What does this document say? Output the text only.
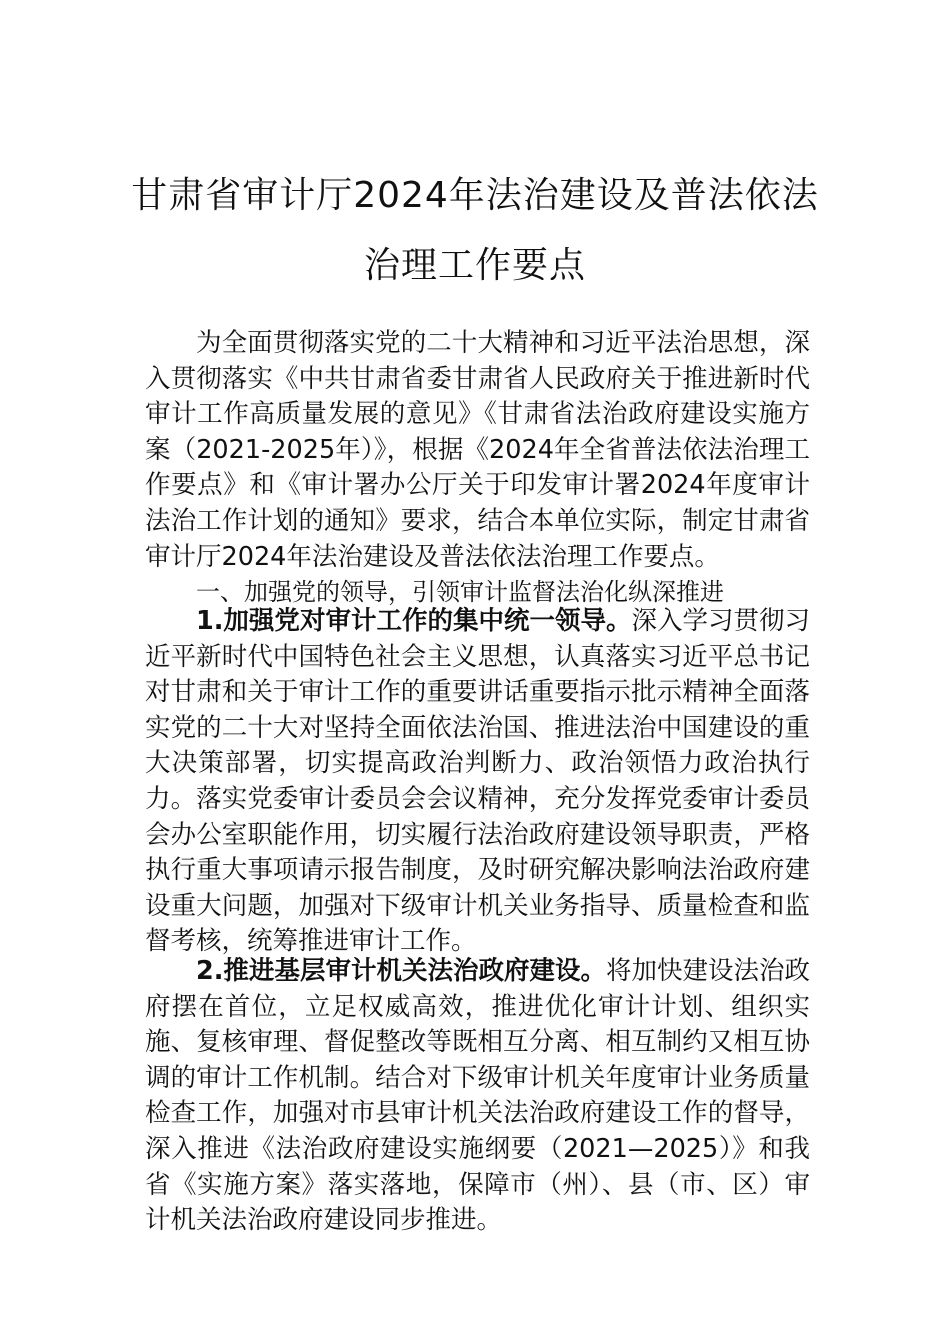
甘肃省审计厅2024年法治建设及普法依法
治理工作要点
为全面贯彻落实党的二十大精神和习近平法治思想，深入贯彻落实《中共甘肃省委甘肃省人民政府关于推进新时代审计工作高质量发展的意见》《甘肃省法治政府建设实施方案（2021-2025年）》，根据《2024年全省普法依法治理工作要点》和《审计署办公厅关于印发审计署2024年度审计法治工作计划的通知》要求，结合本单位实际，制定甘肃省审计厅2024年法治建设及普法依法治理工作要点。
一、加强党的领导，引领审计监督法治化纵深推进
1.加强党对审计工作的集中统一领导。深入学习贯彻习近平新时代中国特色社会主义思想，认真落实习近平总书记对甘肃和关于审计工作的重要讲话重要指示批示精神全面落实党的二十大对坚持全面依法治国、推进法治中国建设的重大决策部署，切实提高政治判断力、政治领悟力政治执行力。落实党委审计委员会会议精神，充分发挥党委审计委员会办公室职能作用，切实履行法治政府建设领导职责，严格执行重大事项请示报告制度，及时研究解决影响法治政府建设重大问题，加强对下级审计机关业务指导、质量检查和监督考核，统筹推进审计工作。
2.推进基层审计机关法治政府建设。将加快建设法治政府摆在首位，立足权威高效，推进优化审计计划、组织实施、复核审理、督促整改等既相互分离、相互制约又相互协调的审计工作机制。结合对下级审计机关年度审计业务质量检查工作，加强对市县审计机关法治政府建设工作的督导，深入推进《法治政府建设实施纲要（2021—2025）》和我省《实施方案》落实落地，保障市（州）、县（市、区）审计机关法治政府建设同步推进。
